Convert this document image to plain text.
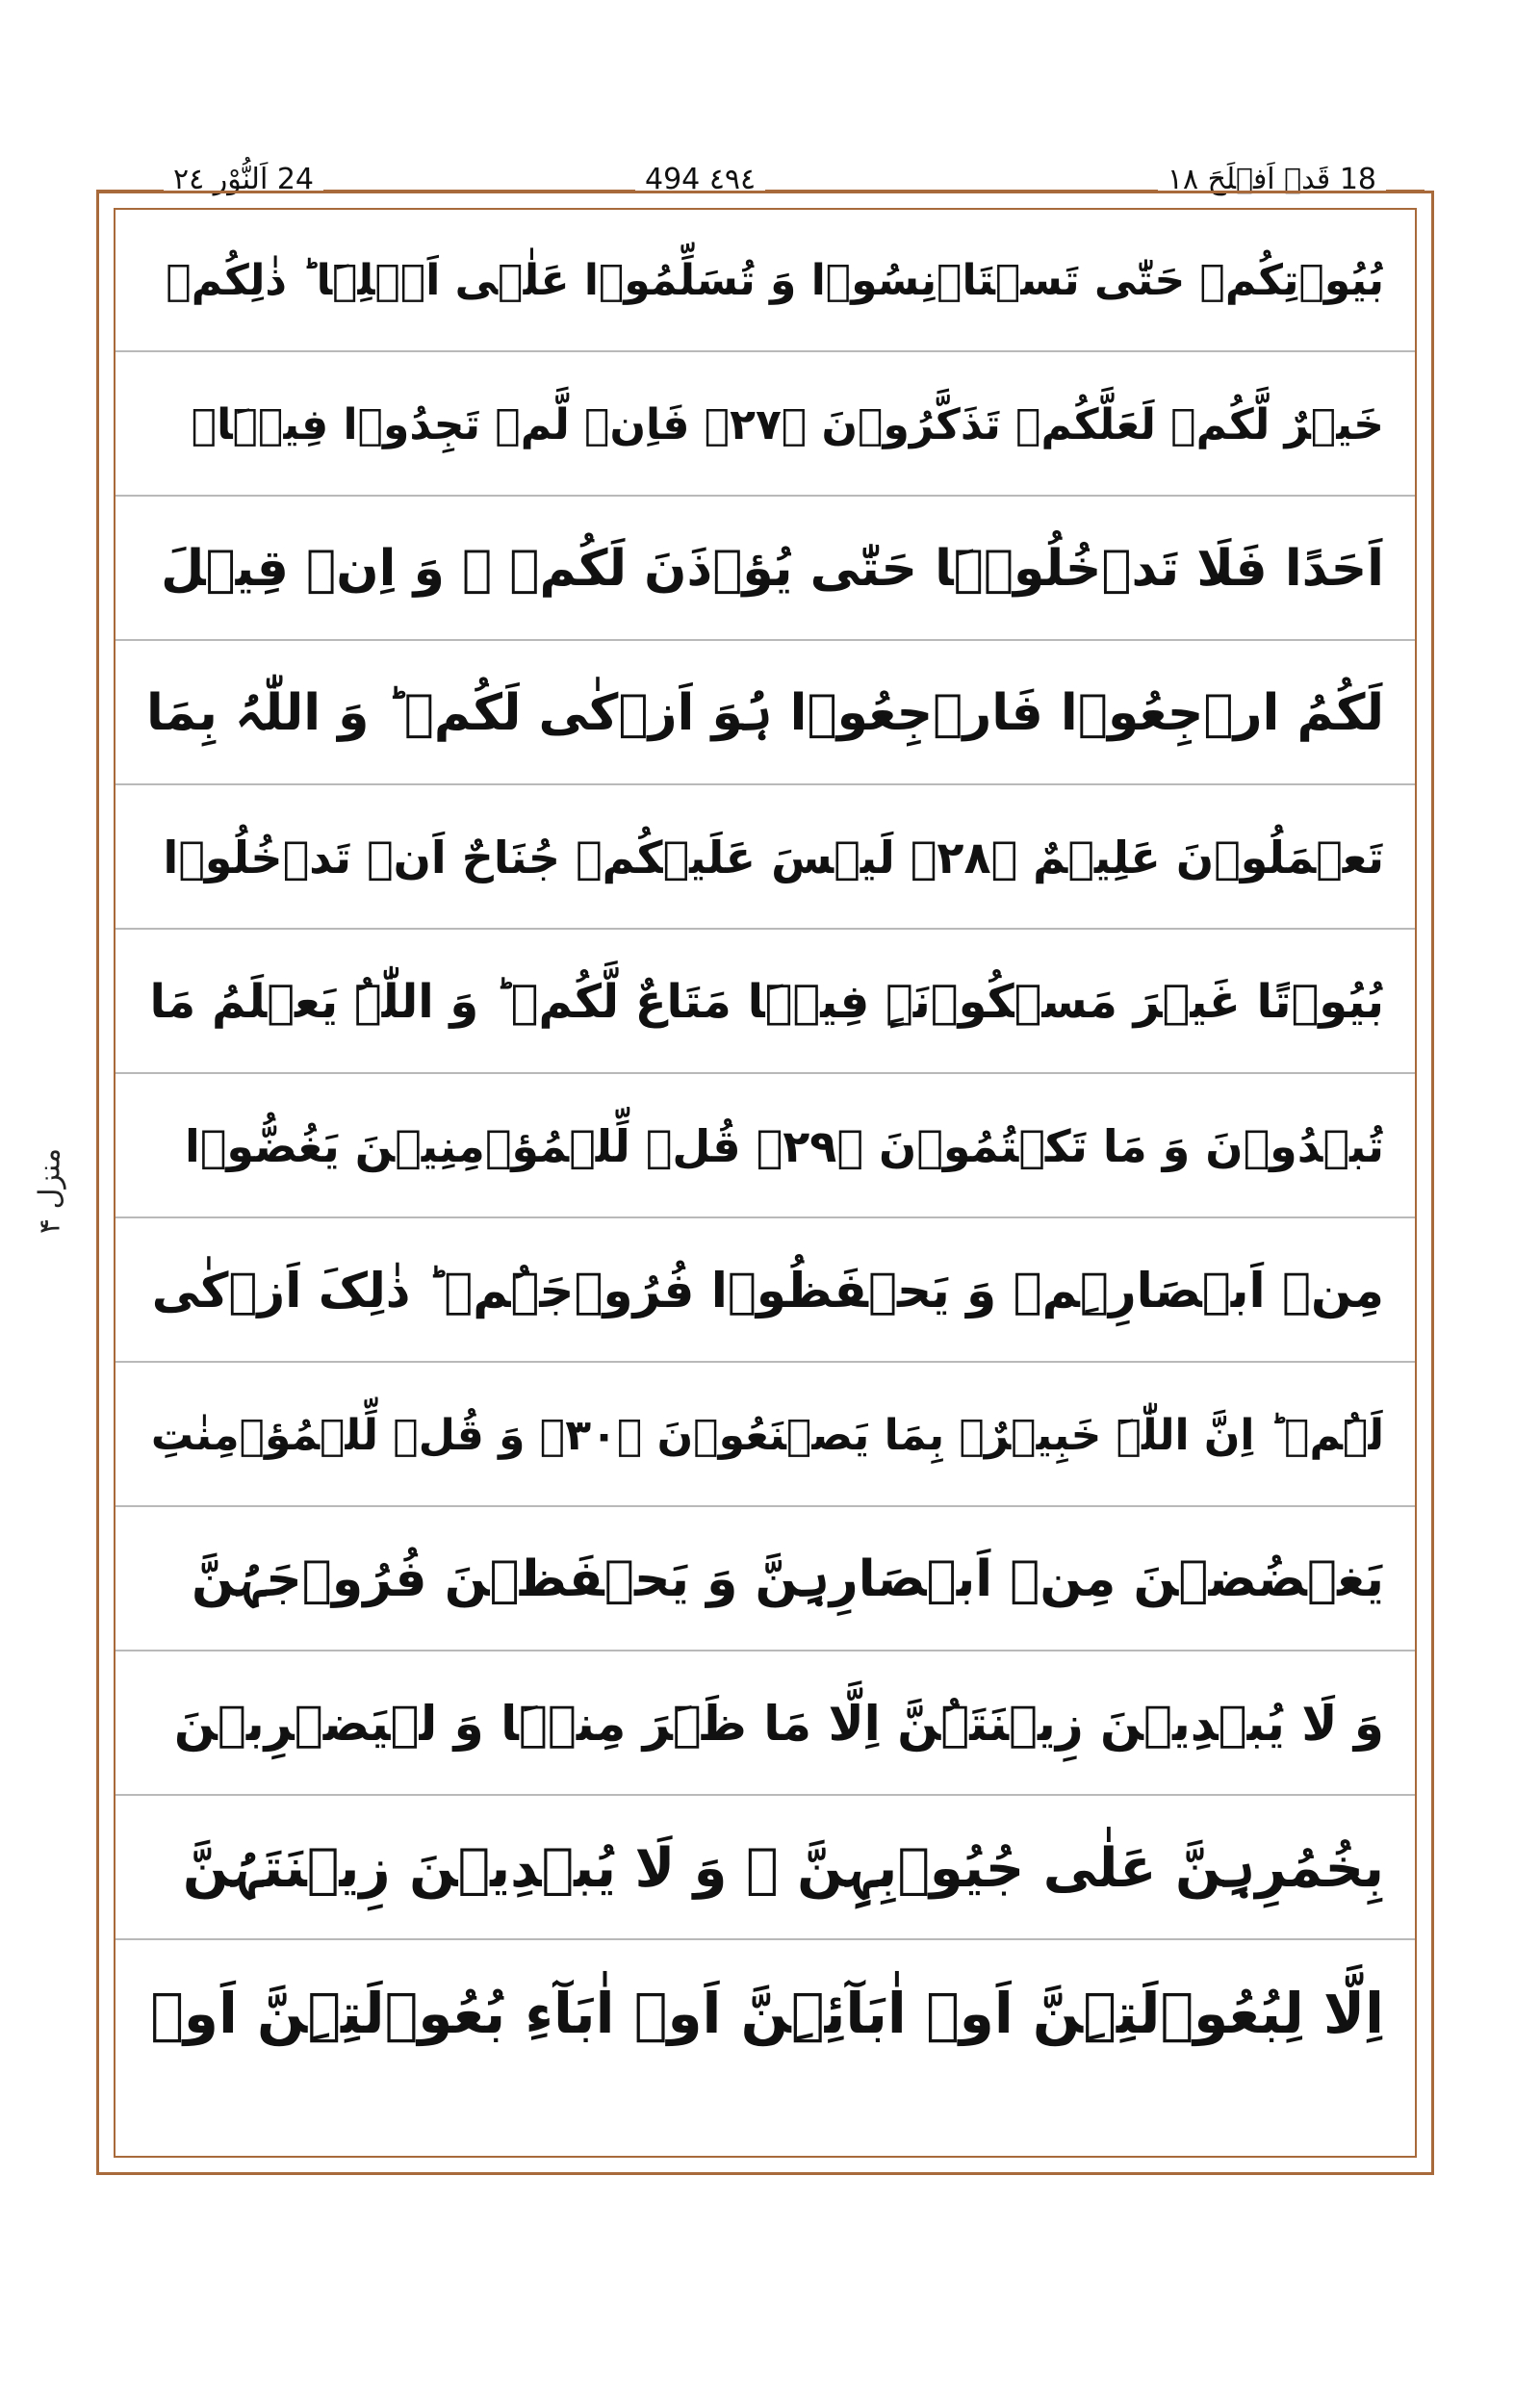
24 اَلنُّوْر ٢٤	٤٩٤ 494	18 قَدۡ اَفۡلَحَ ١٨
بُیُوۡتِکُمۡ حَتّٰی تَسۡتَاۡنِسُوۡا وَ تُسَلِّمُوۡا عَلٰۤی اَہۡلِہَا ؕ ذٰلِکُمۡ
خَیۡرٌ لَّکُمۡ لَعَلَّکُمۡ تَذَکَّرُوۡنَ ﴿۲۷﴾ فَاِنۡ لَّمۡ تَجِدُوۡا فِیۡہَاۤ
اَحَدًا فَلَا تَدۡخُلُوۡہَا حَتّٰی یُؤۡذَنَ لَکُمۡ ۚ وَ اِنۡ قِیۡلَ
لَکُمُ ارۡجِعُوۡا فَارۡجِعُوۡا ہُوَ اَزۡکٰی لَکُمۡ ؕ وَ اللّٰہُ بِمَا
تَعۡمَلُوۡنَ عَلِیۡمٌ ﴿۲۸﴾ لَیۡسَ عَلَیۡکُمۡ جُنَاحٌ اَنۡ تَدۡخُلُوۡا
بُیُوۡتًا غَیۡرَ مَسۡکُوۡنَۃٍ فِیۡہَا مَتَاعٌ لَّکُمۡ ؕ وَ اللّٰہُ یَعۡلَمُ مَا
تُبۡدُوۡنَ وَ مَا تَکۡتُمُوۡنَ ﴿۲۹﴾ قُلۡ لِّلۡمُؤۡمِنِیۡنَ یَغُضُّوۡا
مِنۡ اَبۡصَارِہِمۡ وَ یَحۡفَظُوۡا فُرُوۡجَہُمۡ ؕ ذٰلِکَ اَزۡکٰی
لَہُمۡ ؕ اِنَّ اللّٰہَ خَبِیۡرٌۢ بِمَا یَصۡنَعُوۡنَ ﴿۳۰﴾ وَ قُلۡ لِّلۡمُؤۡمِنٰتِ
یَغۡضُضۡنَ مِنۡ اَبۡصَارِہِنَّ وَ یَحۡفَظۡنَ فُرُوۡجَہُنَّ
وَ لَا یُبۡدِیۡنَ زِیۡنَتَہُنَّ اِلَّا مَا ظَہَرَ مِنۡہَا وَ لۡیَضۡرِبۡنَ
بِخُمُرِہِنَّ عَلٰی جُیُوۡبِہِنَّ ۪ وَ لَا یُبۡدِیۡنَ زِیۡنَتَہُنَّ
اِلَّا لِبُعُوۡلَتِہِنَّ اَوۡ اٰبَآئِہِنَّ اَوۡ اٰبَآءِ بُعُوۡلَتِہِنَّ اَوۡ
منزل ۴
